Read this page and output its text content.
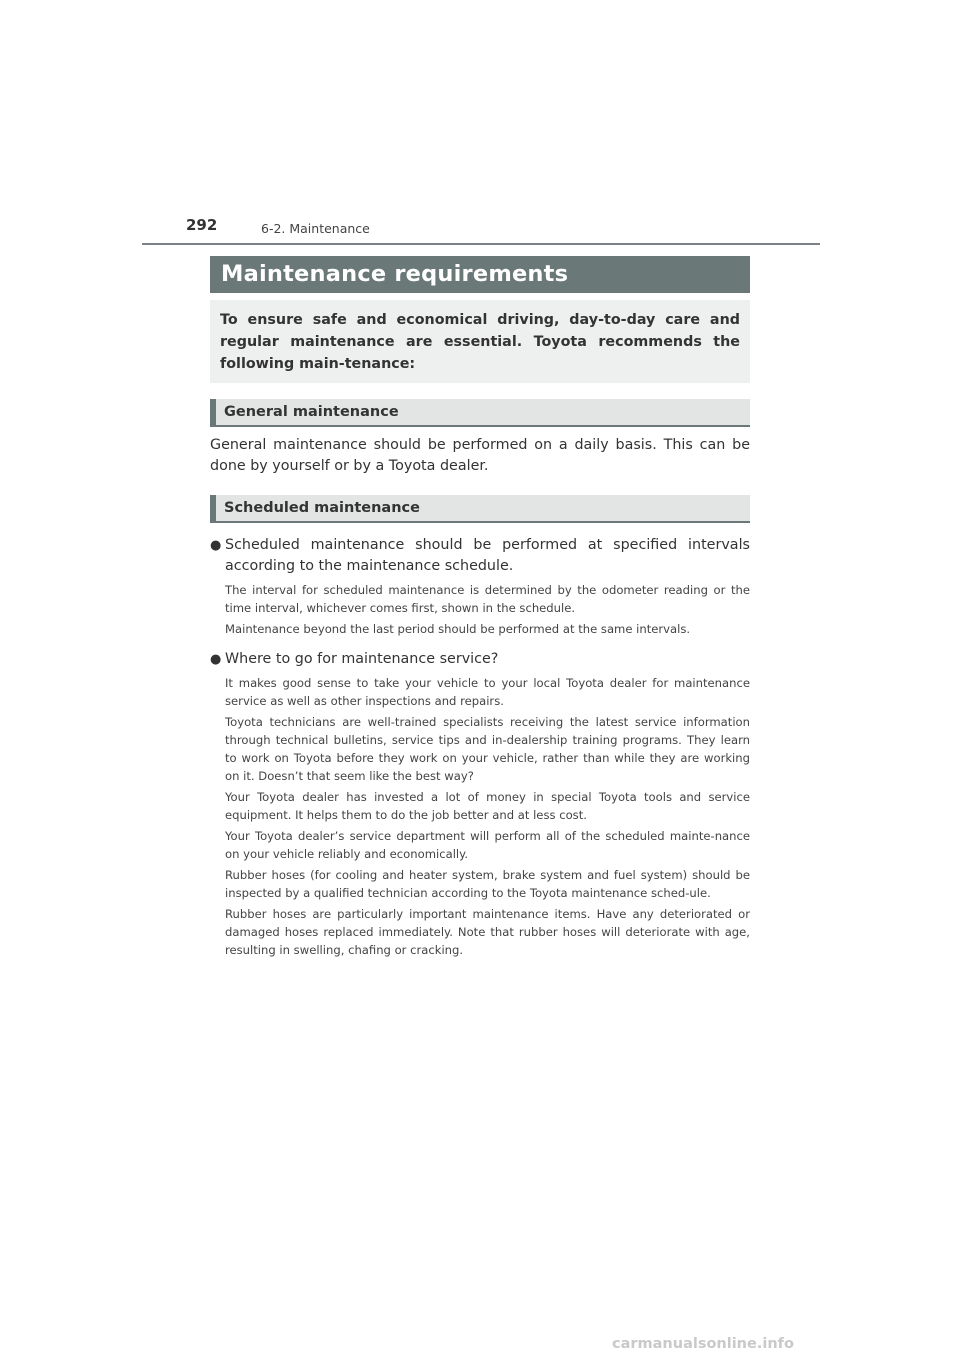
292	6-2. Maintenance
Maintenance requirements

To ensure safe and economical driving, day-to-day care and regular maintenance are essential. Toyota recommends the following main-tenance:

General maintenance

General maintenance should be performed on a daily basis. This can be done by yourself or by a Toyota dealer.

Scheduled maintenance
● Scheduled maintenance should be performed at specified intervals according to the maintenance schedule.

The interval for scheduled maintenance is determined by the odometer reading or the time interval, whichever comes first, shown in the schedule.

Maintenance beyond the last period should be performed at the same intervals.

● Where to go for maintenance service?

It makes good sense to take your vehicle to your local Toyota dealer for maintenance service as well as other inspections and repairs.

Toyota technicians are well-trained specialists receiving the latest service information through technical bulletins, service tips and in-dealership training programs. They learn to work on Toyota before they work on your vehicle, rather than while they are working on it. Doesn’t that seem like the best way?

Your Toyota dealer has invested a lot of money in special Toyota tools and service equipment. It helps them to do the job better and at less cost.

Your Toyota dealer’s service department will perform all of the scheduled mainte-nance on your vehicle reliably and economically.

Rubber hoses (for cooling and heater system, brake system and fuel system) should be inspected by a qualified technician according to the Toyota maintenance sched-ule.

Rubber hoses are particularly important maintenance items. Have any deteriorated or damaged hoses replaced immediately. Note that rubber hoses will deteriorate with age, resulting in swelling, chafing or cracking.

carmanualsonline.info
